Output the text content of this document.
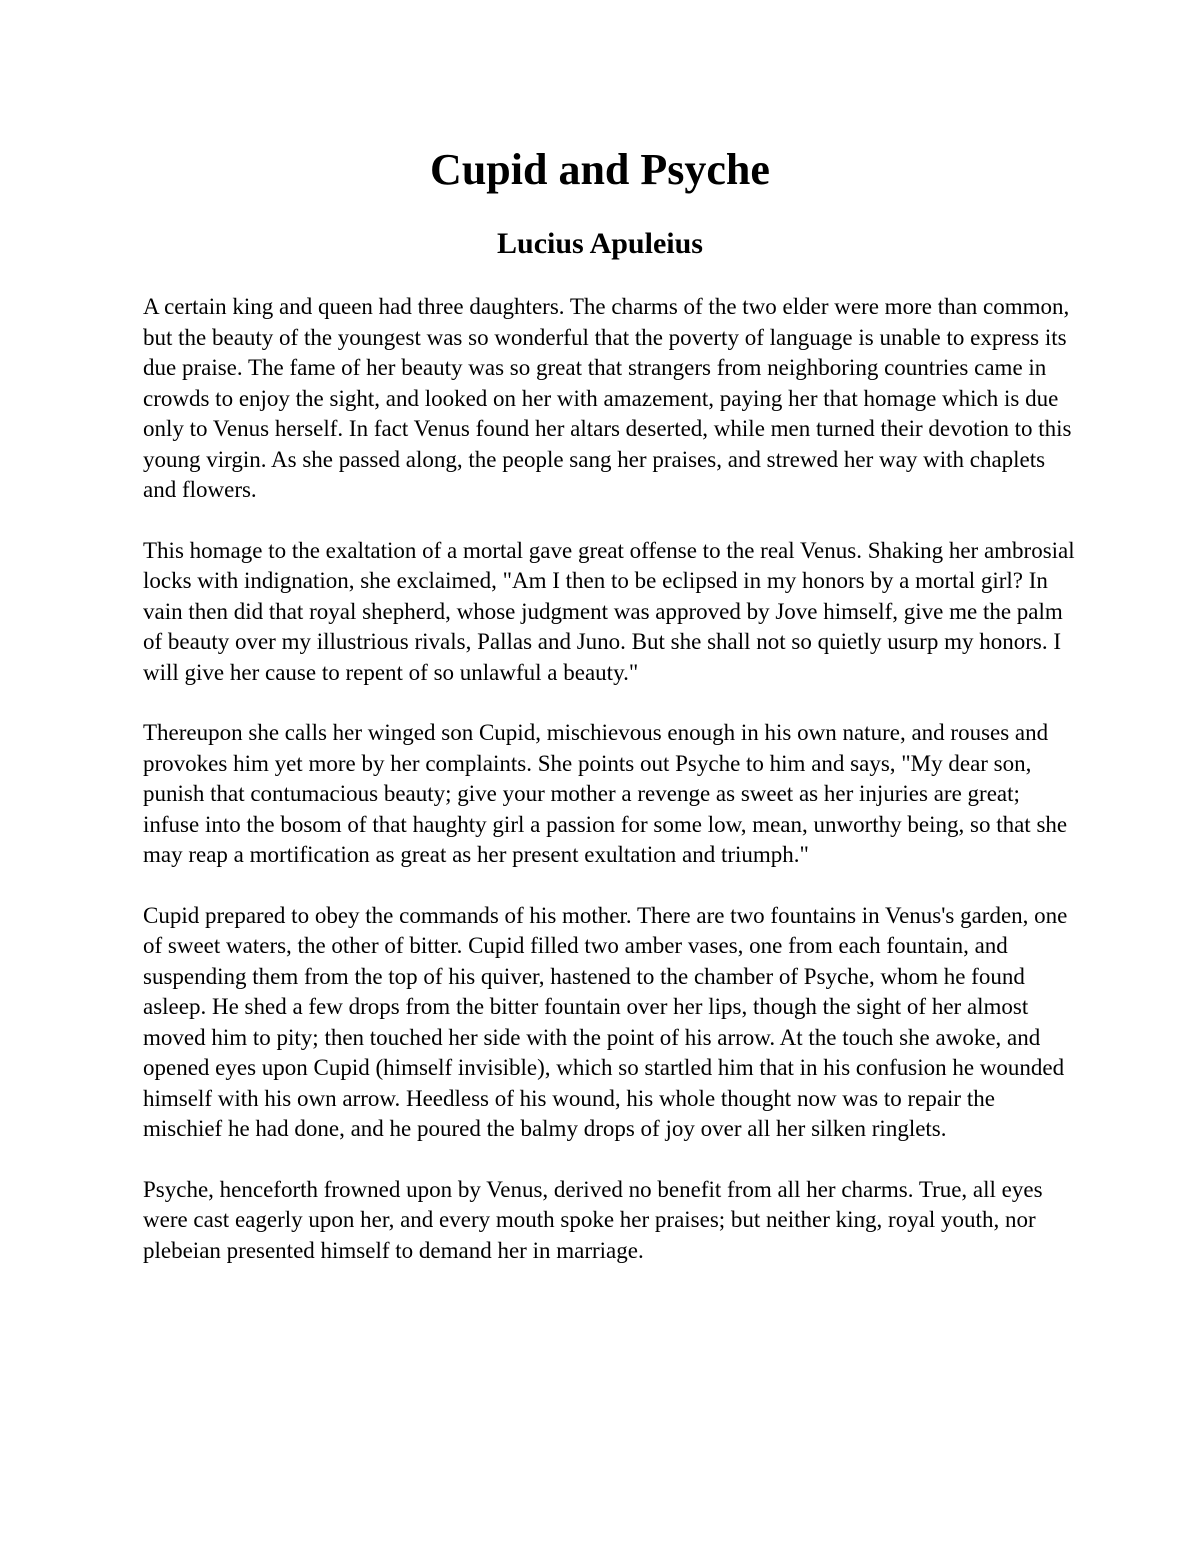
Cupid and Psyche
Lucius Apuleius

A certain king and queen had three daughters. The charms of the two elder were more than common, but the beauty of the youngest was so wonderful that the poverty of language is unable to express its due praise. The fame of her beauty was so great that strangers from neighboring countries came in crowds to enjoy the sight, and looked on her with amazement, paying her that homage which is due only to Venus herself. In fact Venus found her altars deserted, while men turned their devotion to this young virgin. As she passed along, the people sang her praises, and strewed her way with chaplets and flowers.

This homage to the exaltation of a mortal gave great offense to the real Venus. Shaking her ambrosial locks with indignation, she exclaimed, "Am I then to be eclipsed in my honors by a mortal girl? In vain then did that royal shepherd, whose judgment was approved by Jove himself, give me the palm of beauty over my illustrious rivals, Pallas and Juno. But she shall not so quietly usurp my honors. I will give her cause to repent of so unlawful a beauty."

Thereupon she calls her winged son Cupid, mischievous enough in his own nature, and rouses and provokes him yet more by her complaints. She points out Psyche to him and says, "My dear son, punish that contumacious beauty; give your mother a revenge as sweet as her injuries are great; infuse into the bosom of that haughty girl a passion for some low, mean, unworthy being, so that she may reap a mortification as great as her present exultation and triumph."

Cupid prepared to obey the commands of his mother. There are two fountains in Venus's garden, one of sweet waters, the other of bitter. Cupid filled two amber vases, one from each fountain, and suspending them from the top of his quiver, hastened to the chamber of Psyche, whom he found asleep. He shed a few drops from the bitter fountain over her lips, though the sight of her almost moved him to pity; then touched her side with the point of his arrow. At the touch she awoke, and opened eyes upon Cupid (himself invisible), which so startled him that in his confusion he wounded himself with his own arrow. Heedless of his wound, his whole thought now was to repair the mischief he had done, and he poured the balmy drops of joy over all her silken ringlets.

Psyche, henceforth frowned upon by Venus, derived no benefit from all her charms. True, all eyes were cast eagerly upon her, and every mouth spoke her praises; but neither king, royal youth, nor plebeian presented himself to demand her in marriage.
